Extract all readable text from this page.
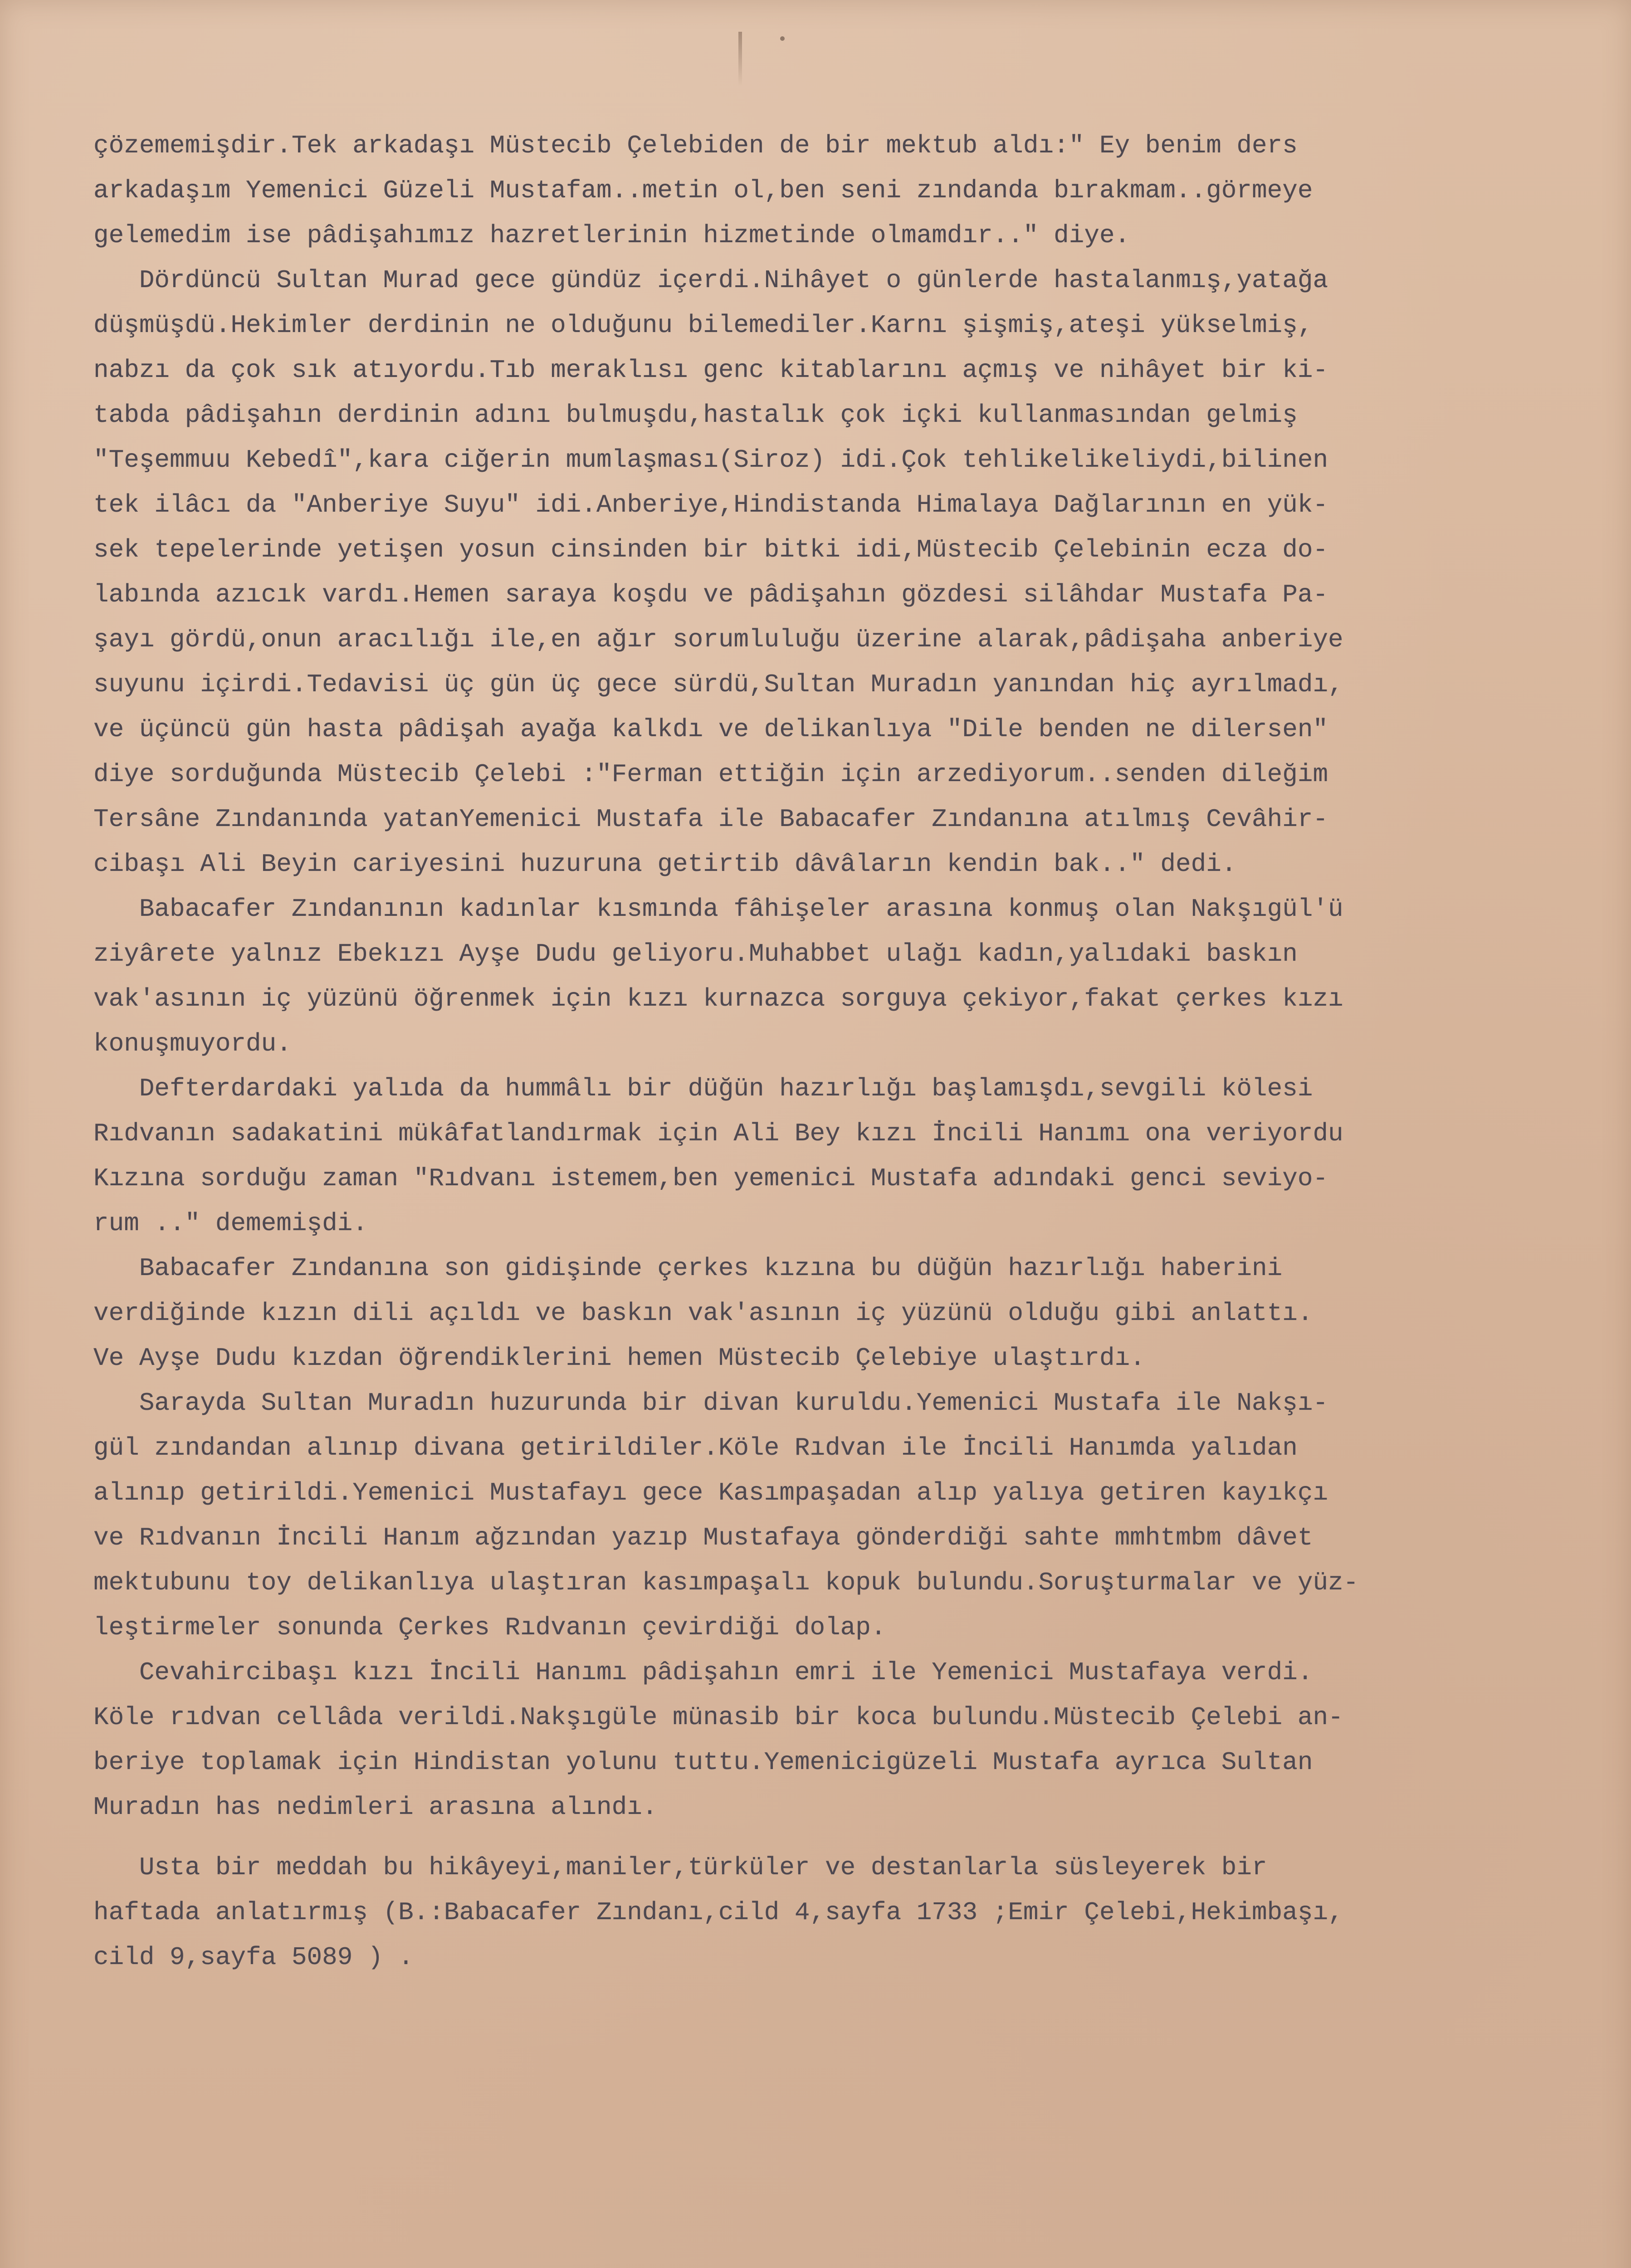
çözememişdir.Tek arkadaşı Müstecib Çelebiden de bir mektub aldı:" Ey benim ders
arkadaşım Yemenici Güzeli Mustafam..metin ol,ben seni zındanda bırakmam..görmeye
gelemedim ise pâdişahımız hazretlerinin hizmetinde olmamdır.." diye.
Dördüncü Sultan Murad gece gündüz içerdi.Nihâyet o günlerde hastalanmış,yatağa
düşmüşdü.Hekimler derdinin ne olduğunu bilemediler.Karnı şişmiş,ateşi yükselmiş,
nabzı da çok sık atıyordu.Tıb meraklısı genc kitablarını açmış ve nihâyet bir ki-
tabda pâdişahın derdinin adını bulmuşdu,hastalık çok içki kullanmasından gelmiş
"Teşemmuu Kebedî",kara ciğerin mumlaşması(Siroz) idi.Çok tehlikelikeliydi,bilinen
tek ilâcı da "Anberiye Suyu" idi.Anberiye,Hindistanda Himalaya Dağlarının en yük-
sek tepelerinde yetişen yosun cinsinden bir bitki idi,Müstecib Çelebinin ecza do-
labında azıcık vardı.Hemen saraya koşdu ve pâdişahın gözdesi silâhdar Mustafa Pa-
şayı gördü,onun aracılığı ile,en ağır sorumluluğu üzerine alarak,pâdişaha anberiye
suyunu içirdi.Tedavisi üç gün üç gece sürdü,Sultan Muradın yanından hiç ayrılmadı,
ve üçüncü gün hasta pâdişah ayağa kalkdı ve delikanlıya "Dile benden ne dilersen"
diye sorduğunda Müstecib Çelebi :"Ferman ettiğin için arzediyorum..senden dileğim
Tersâne Zındanında yatanYemenici Mustafa ile Babacafer Zındanına atılmış Cevâhir-
cibaşı Ali Beyin cariyesini huzuruna getirtib dâvâların kendin bak.." dedi.
Babacafer Zındanının kadınlar kısmında fâhişeler arasına konmuş olan Nakşıgül'ü
ziyârete yalnız Ebekızı Ayşe Dudu geliyoru.Muhabbet ulağı kadın,yalıdaki baskın
vak'asının iç yüzünü öğrenmek için kızı kurnazca sorguya çekiyor,fakat çerkes kızı
konuşmuyordu.
Defterdardaki yalıda da hummâlı bir düğün hazırlığı başlamışdı,sevgili kölesi
Rıdvanın sadakatini mükâfatlandırmak için Ali Bey kızı İncili Hanımı ona veriyordu
Kızına sorduğu zaman "Rıdvanı istemem,ben yemenici Mustafa adındaki genci seviyo-
rum .." dememişdi.
Babacafer Zındanına son gidişinde çerkes kızına bu düğün hazırlığı haberini
verdiğinde kızın dili açıldı ve baskın vak'asının iç yüzünü olduğu gibi anlattı.
Ve Ayşe Dudu kızdan öğrendiklerini hemen Müstecib Çelebiye ulaştırdı.
Sarayda Sultan Muradın huzurunda bir divan kuruldu.Yemenici Mustafa ile Nakşı-
gül zındandan alınıp divana getirildiler.Köle Rıdvan ile İncili Hanımda yalıdan
alınıp getirildi.Yemenici Mustafayı gece Kasımpaşadan alıp yalıya getiren kayıkçı
ve Rıdvanın İncili Hanım ağzından yazıp Mustafaya gönderdiği sahte mmhtmbm dâvet
mektubunu toy delikanlıya ulaştıran kasımpaşalı kopuk bulundu.Soruşturmalar ve yüz-
leştirmeler sonunda Çerkes Rıdvanın çevirdiği dolap.
Cevahircibaşı kızı İncili Hanımı pâdişahın emri ile Yemenici Mustafaya verdi.
Köle rıdvan cellâda verildi.Nakşıgüle münasib bir koca bulundu.Müstecib Çelebi an-
beriye toplamak için Hindistan yolunu tuttu.Yemenicigüzeli Mustafa ayrıca Sultan
Muradın has nedimleri arasına alındı.
Usta bir meddah bu hikâyeyi,maniler,türküler ve destanlarla süsleyerek bir
haftada anlatırmış (B.:Babacafer Zındanı,cild 4,sayfa 1733 ;Emir Çelebi,Hekimbaşı,
cild 9,sayfa 5089 ) .
